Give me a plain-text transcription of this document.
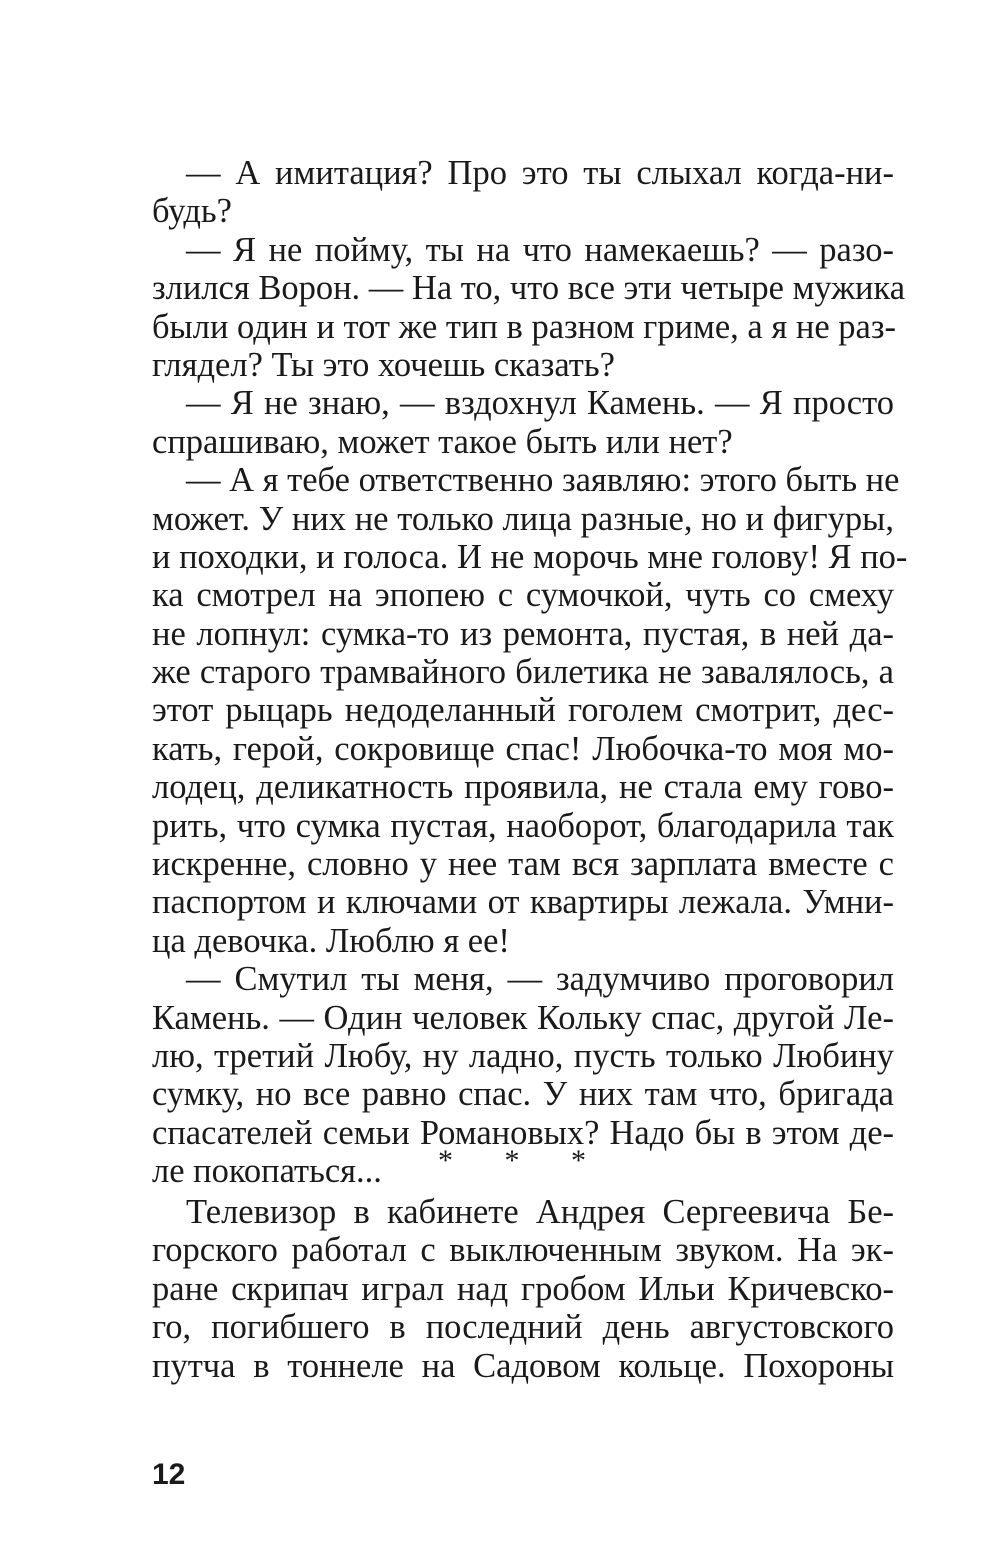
— А имитация? Про это ты слыхал когда-ни-
будь?
— Я не пойму, ты на что намекаешь? — разо-
злился Ворон. — На то, что все эти четыре мужика
были один и тот же тип в разном гриме, а я не раз-
глядел? Ты это хочешь сказать?
— Я не знаю, — вздохнул Камень. — Я просто
спрашиваю, может такое быть или нет?
— А я тебе ответственно заявляю: этого быть не
может. У них не только лица разные, но и фигуры,
и походки, и голоса. И не морочь мне голову! Я по-
ка смотрел на эпопею с сумочкой, чуть со смеху
не лопнул: сумка-то из ремонта, пустая, в ней да-
же старого трамвайного билетика не завалялось, а
этот рыцарь недоделанный гоголем смотрит, дес-
кать, герой, сокровище спас! Любочка-то моя мо-
лодец, деликатность проявила, не стала ему гово-
рить, что сумка пустая, наоборот, благодарила так
искренне, словно у нее там вся зарплата вместе с
паспортом и ключами от квартиры лежала. Умни-
ца девочка. Люблю я ее!
— Смутил ты меня, — задумчиво проговорил
Камень. — Один человек Кольку спас, другой Ле-
лю, третий Любу, ну ладно, пусть только Любину
сумку, но все равно спас. У них там что, бригада
спасателей семьи Романовых? Надо бы в этом де-
ле покопаться...	* * *
Телевизор в кабинете Андрея Сергеевича Бе-
горского работал с выключенным звуком. На эк-
ране скрипач играл над гробом Ильи Кричевско-
го, погибшего в последний день августовского
путча в тоннеле на Садовом кольце. Похороны
12
